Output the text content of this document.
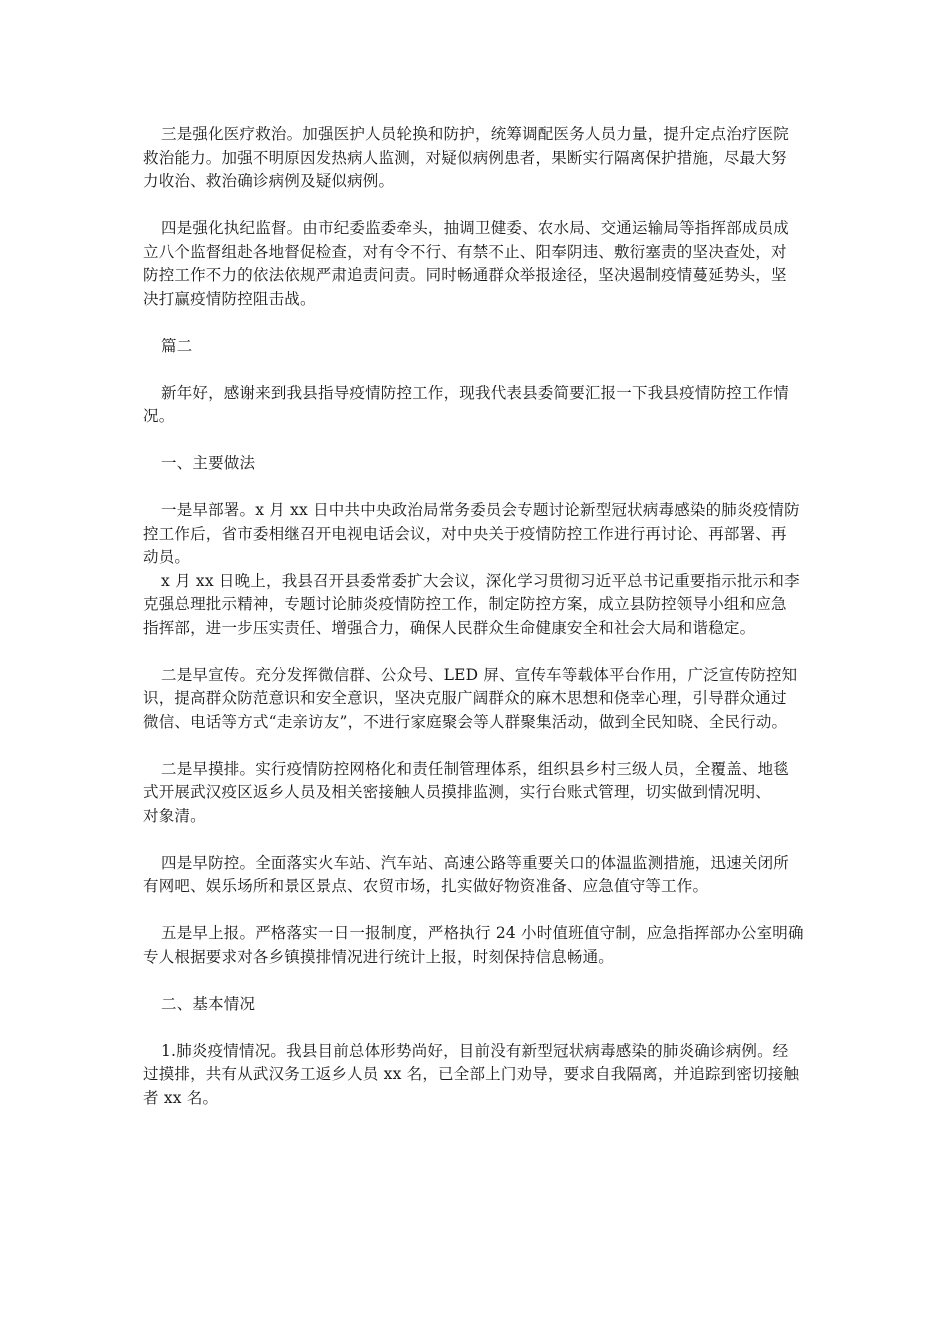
三是强化医疗救治。加强医护人员轮换和防护，统筹调配医务人员力量，提升定点治疗医院
救治能力。加强不明原因发热病人监测，对疑似病例患者，果断实行隔离保护措施，尽最大努
力收治、救治确诊病例及疑似病例。
四是强化执纪监督。由市纪委监委牵头，抽调卫健委、农水局、交通运输局等指挥部成员成
立八个监督组赴各地督促检查，对有令不行、有禁不止、阳奉阴违、敷衍塞责的坚决查处，对
防控工作不力的依法依规严肃追责问责。同时畅通群众举报途径，坚决遏制疫情蔓延势头，坚
决打赢疫情防控阻击战。
篇二
新年好，感谢来到我县指导疫情防控工作，现我代表县委简要汇报一下我县疫情防控工作情
况。
一、主要做法
一是早部署。x 月 xx 日中共中央政治局常务委员会专题讨论新型冠状病毒感染的肺炎疫情防
控工作后，省市委相继召开电视电话会议，对中央关于疫情防控工作进行再讨论、再部署、再
动员。
x 月 xx 日晚上，我县召开县委常委扩大会议，深化学习贯彻习近平总书记重要指示批示和李
克强总理批示精神，专题讨论肺炎疫情防控工作，制定防控方案，成立县防控领导小组和应急
指挥部，进一步压实责任、增强合力，确保人民群众生命健康安全和社会大局和谐稳定。
二是早宣传。充分发挥微信群、公众号、LED 屏、宣传车等载体平台作用，广泛宣传防控知
识，提高群众防范意识和安全意识，坚决克服广阔群众的麻木思想和侥幸心理，引导群众通过
微信、电话等方式“走亲访友”，不进行家庭聚会等人群聚集活动，做到全民知晓、全民行动。
二是早摸排。实行疫情防控网格化和责任制管理体系，组织县乡村三级人员，全覆盖、地毯
式开展武汉疫区返乡人员及相关密接触人员摸排监测，实行台账式管理，切实做到情况明、
对象清。
四是早防控。全面落实火车站、汽车站、高速公路等重要关口的体温监测措施，迅速关闭所
有网吧、娱乐场所和景区景点、农贸市场，扎实做好物资准备、应急值守等工作。
五是早上报。严格落实一日一报制度，严格执行 24 小时值班值守制，应急指挥部办公室明确
专人根据要求对各乡镇摸排情况进行统计上报，时刻保持信息畅通。
二、基本情况
1.肺炎疫情情况。我县目前总体形势尚好，目前没有新型冠状病毒感染的肺炎确诊病例。经
过摸排，共有从武汉务工返乡人员 xx 名，已全部上门劝导，要求自我隔离，并追踪到密切接触
者 xx 名。
